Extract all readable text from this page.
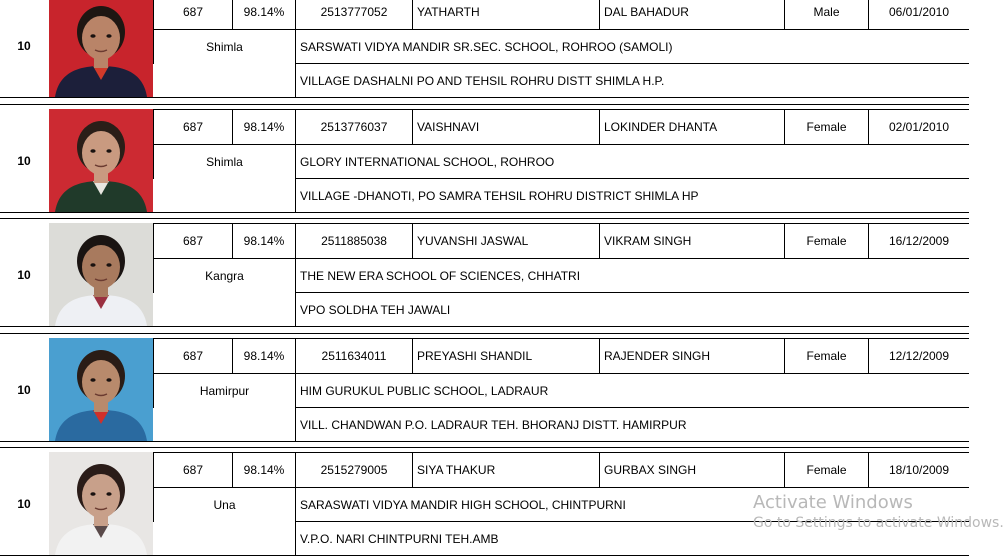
10
687	98.14%	2513777052	YATHARTH	DAL BAHADUR	Male	06/01/2010
Shimla	SARSWATI VIDYA MANDIR SR.SEC. SCHOOL, ROHROO (SAMOLI)
VILLAGE DASHALNI PO AND TEHSIL ROHRU DISTT SHIMLA H.P.
10
687	98.14%	2513776037	VAISHNAVI	LOKINDER DHANTA	Female	02/01/2010
Shimla	GLORY INTERNATIONAL SCHOOL, ROHROO
VILLAGE -DHANOTI, PO SAMRA TEHSIL ROHRU DISTRICT SHIMLA HP
10
687	98.14%	2511885038	YUVANSHI JASWAL	VIKRAM SINGH	Female	16/12/2009
Kangra	THE NEW ERA SCHOOL OF SCIENCES, CHHATRI
VPO SOLDHA TEH JAWALI
10
687	98.14%	2511634011	PREYASHI SHANDIL	RAJENDER SINGH	Female	12/12/2009
Hamirpur	HIM GURUKUL PUBLIC SCHOOL, LADRAUR
VILL. CHANDWAN P.O. LADRAUR TEH. BHORANJ DISTT. HAMIRPUR
10
687	98.14%	2515279005	SIYA THAKUR	GURBAX SINGH	Female	18/10/2009
Una	SARASWATI VIDYA MANDIR HIGH SCHOOL, CHINTPURNI
V.P.O. NARI CHINTPURNI TEH.AMB
Activate Windows
Go to Settings to activate Windows.
